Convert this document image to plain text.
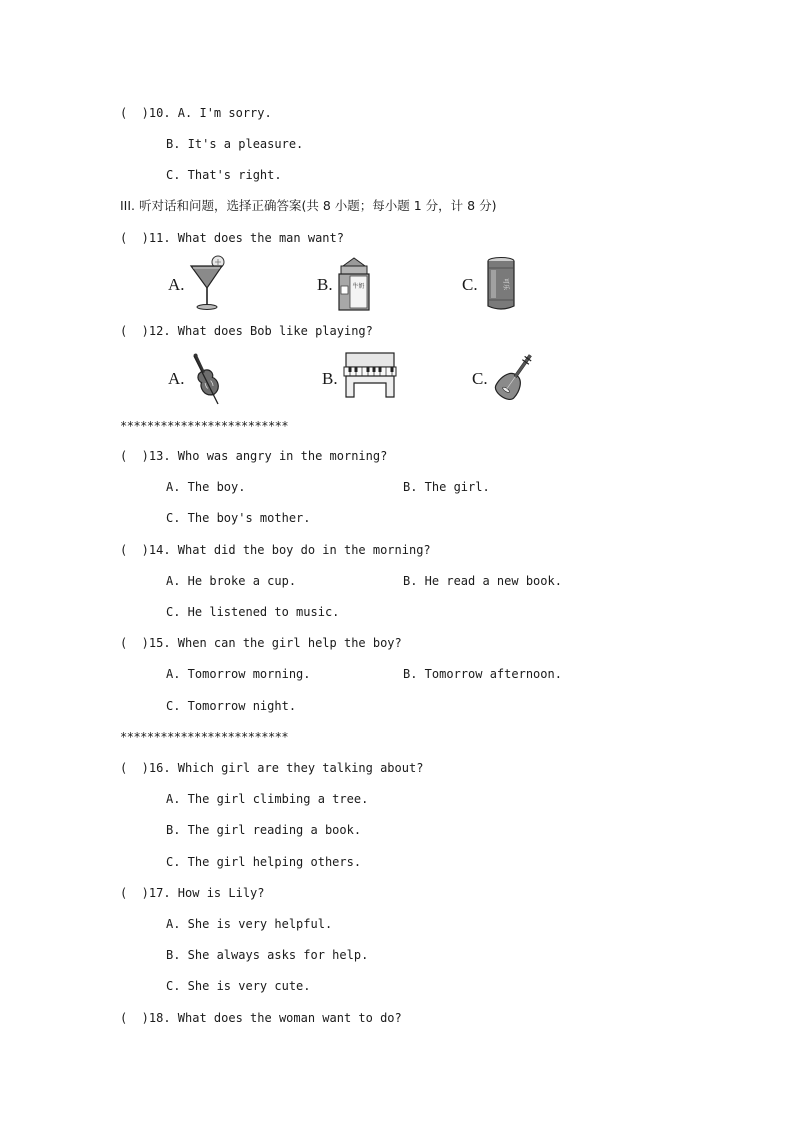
(  )10. A. I'm sorry.
B. It's a pleasure.
C. That's right.
III. 听对话和问题，选择正确答案(共 8 小题；每小题 1 分，计 8 分)
(  )11. What does the man want?
A.	B.	牛奶	C.	可乐
(  )12. What does Bob like playing?
A.	B.	C.
*************************
(  )13. Who was angry in the morning?
A. The boy.	B. The girl.
C. The boy's mother.
(  )14. What did the boy do in the morning?
A. He broke a cup.	B. He read a new book.
C. He listened to music.
(  )15. When can the girl help the boy?
A. Tomorrow morning.	B. Tomorrow afternoon.
C. Tomorrow night.
*************************
(  )16. Which girl are they talking about?
A. The girl climbing a tree.
B. The girl reading a book.
C. The girl helping others.
(  )17. How is Lily?
A. She is very helpful.
B. She always asks for help.
C. She is very cute.
(  )18. What does the woman want to do?
